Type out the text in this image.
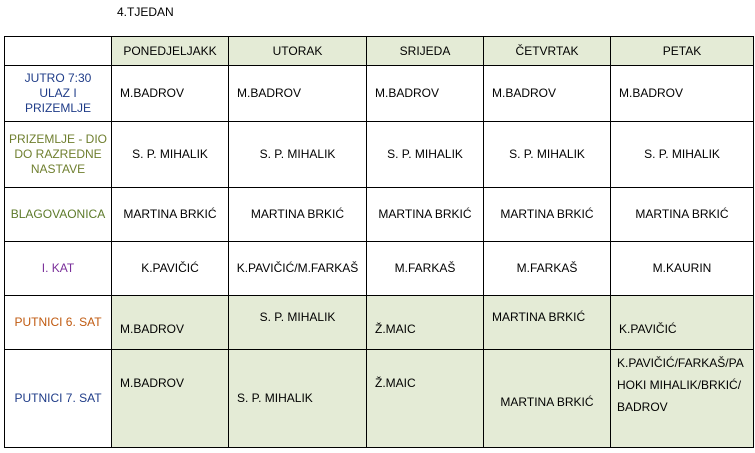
4.TJEDAN
	PONEDJELJAKK	UTORAK	SRIJEDA	ČETVRTAK	PETAK
JUTRO 7:30 ULAZ I PRIZEMLJE	M.BADROV	M.BADROV	M.BADROV	M.BADROV	M.BADROV
PRIZEMLJE - DIO DO RAZREDNE NASTAVE	S. P. MIHALIK	S. P. MIHALIK	S. P. MIHALIK	S. P. MIHALIK	S. P. MIHALIK
BLAGOVAONICA	MARTINA BRKIĆ	MARTINA BRKIĆ	MARTINA BRKIĆ	MARTINA BRKIĆ	MARTINA BRKIĆ
I. KAT	K.PAVIČIĆ	K.PAVIČIĆ/M.FARKAŠ	M.FARKAŠ	M.FARKAŠ	M.KAURIN
PUTNICI 6. SAT	M.BADROV	S. P. MIHALIK	Ž.MAIC	MARTINA BRKIĆ	K.PAVIČIĆ
PUTNICI 7. SAT	M.BADROV	S. P. MIHALIK	Ž.MAIC	MARTINA BRKIĆ	K.PAVIČIĆ/FARKAŠ/PAHOKI MIHALIK/BRKIĆ/BADROV
